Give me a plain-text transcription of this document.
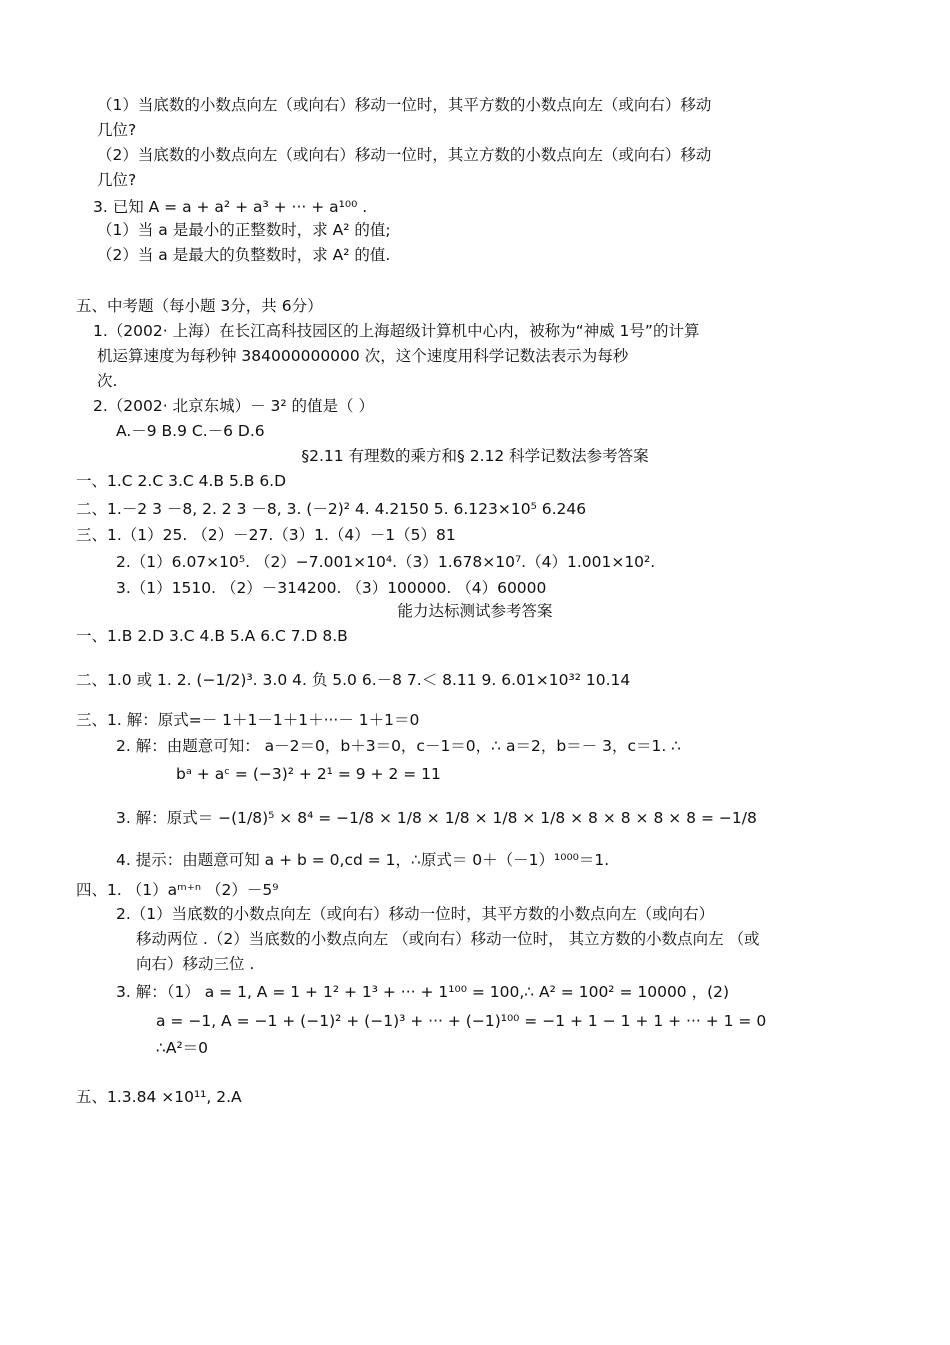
（1）当底数的小数点向左（或向右）移动一位时，其平方数的小数点向左（或向右）移动
几位?
（2）当底数的小数点向左（或向右）移动一位时，其立方数的小数点向左（或向右）移动
几位?
3. 已知 A = a + a² + a³ + ··· + a¹⁰⁰ .
（1）当 a 是最小的正整数时，求 A² 的值;
（2）当 a 是最大的负整数时，求 A² 的值.
五、中考题（每小题 3分，共 6分）
1.（2002· 上海）在长江高科技园区的上海超级计算机中心内，被称为“神威 1号”的计算
机运算速度为每秒钟 384000000000 次，这个速度用科学记数法表示为每秒
次.
2.（2002· 北京东城）－ 3² 的值是（ ）
A.－9 B.9 C.－6 D.6
§2.11 有理数的乘方和§ 2.12 科学记数法参考答案
一、1.C 2.C 3.C 4.B 5.B 6.D
二、1.－2 3 －8, 2. 2 3 －8, 3. (－2)² 4. 4.2150 5. 6.123×10⁵ 6.246
三、1.（1）25. （2）－27.（3）1.（4）－1（5）81
2.（1）6.07×10⁵. （2）−7.001×10⁴.（3）1.678×10⁷.（4）1.001×10².
3.（1）1510. （2）－314200. （3）100000. （4）60000
能力达标测试参考答案
一、1.B 2.D 3.C 4.B 5.A 6.C 7.D 8.B
二、1.0 或 1. 2. (−1/2)³. 3.0 4. 负 5.0 6.－8 7.＜ 8.11 9. 6.01×10³² 10.14
三、1. 解：原式=－ 1＋1－1＋1＋···－ 1＋1＝0
2. 解：由题意可知： a－2＝0，b＋3＝0，c－1＝0，∴ a＝2，b＝－ 3，c＝1. ∴
bᵃ + aᶜ = (−3)² + 2¹ = 9 + 2 = 11
3. 解：原式＝ −(1/8)⁵ × 8⁴ = −1/8 × 1/8 × 1/8 × 1/8 × 1/8 × 8 × 8 × 8 × 8 = −1/8
4. 提示：由题意可知 a + b = 0,cd = 1，∴原式＝ 0＋（－1）¹⁰⁰⁰＝1.
四、1. （1）aᵐ⁺ⁿ （2）－5⁹
2.（1）当底数的小数点向左（或向右）移动一位时，其平方数的小数点向左（或向右）
移动两位 .（2）当底数的小数点向左 （或向右）移动一位时， 其立方数的小数点向左 （或
向右）移动三位 .
3. 解：（1） a = 1, A = 1 + 1² + 1³ + ··· + 1¹⁰⁰ = 100,∴ A² = 100² = 10000 ，(2)
a = −1, A = −1 + (−1)² + (−1)³ + ··· + (−1)¹⁰⁰ = −1 + 1 − 1 + 1 + ··· + 1 = 0
∴A²＝0
五、1.3.84 ×10¹¹, 2.A
